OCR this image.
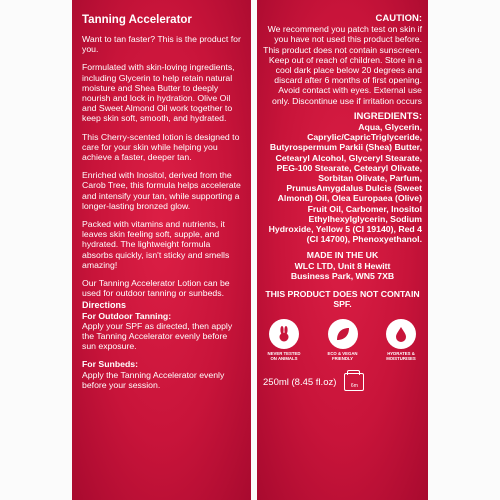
Tanning Accelerator

Want to tan faster? This is the product for you.

Formulated with skin-loving ingredients, including Glycerin to help retain natural moisture and Shea Butter to deeply nourish and lock in hydration. Olive Oil and Sweet Almond Oil work together to keep skin soft, smooth, and hydrated.

This Cherry-scented lotion is designed to care for your skin while helping you achieve a faster, deeper tan.

Enriched with Inositol, derived from the Carob Tree, this formula helps accelerate and intensify your tan, while supporting a longer-lasting bronzed glow.

Packed with vitamins and nutrients, it leaves skin feeling soft, supple, and hydrated. The lightweight formula absorbs quickly, isn't sticky and smells amazing!

Our Tanning Accelerator Lotion can be used for outdoor tanning or sunbeds.

Directions

For Outdoor Tanning:

Apply your SPF as directed, then apply the Tanning Accelerator evenly before sun exposure.

For Sunbeds:

Apply the Tanning Accelerator evenly before your session.

CAUTION:

We recommend you patch test on skin if you have not used this product before. This product does not contain sunscreen. Keep out of reach of children. Store in a cool dark place below 20 degrees and discard after 6 months of first opening. Avoid contact with eyes. External use only. Discontinue use if irritation occurs

INGREDIENTS:

Aqua, Glycerin, Caprylic/CapricTriglyceride, Butyrospermum Parkii (Shea) Butter, Cetearyl Alcohol, Glyceryl Stearate, PEG-100 Stearate, Cetearyl Olivate, Sorbitan Olivate, Parfum, PrunusAmygdalus Dulcis (Sweet Almond) Oil, Olea Europaea (Olive) Fruit Oil, Carbomer, Inositol Ethylhexylglycerin, Sodium Hydroxide, Yellow 5 (CI 19140), Red 4 (CI 14700), Phenoxyethanol.

MADE IN THE UK
WLC LTD, Unit 8 Hewitt
Business Park, WN5 7XB
THIS PRODUCT DOES NOT CONTAIN SPF.
NEVER TESTED ON ANIMALS
ECO & VEGAN FRIENDLY
HYDRATES & MOISTURISES
250ml (8.45 fl.oz)	6m
